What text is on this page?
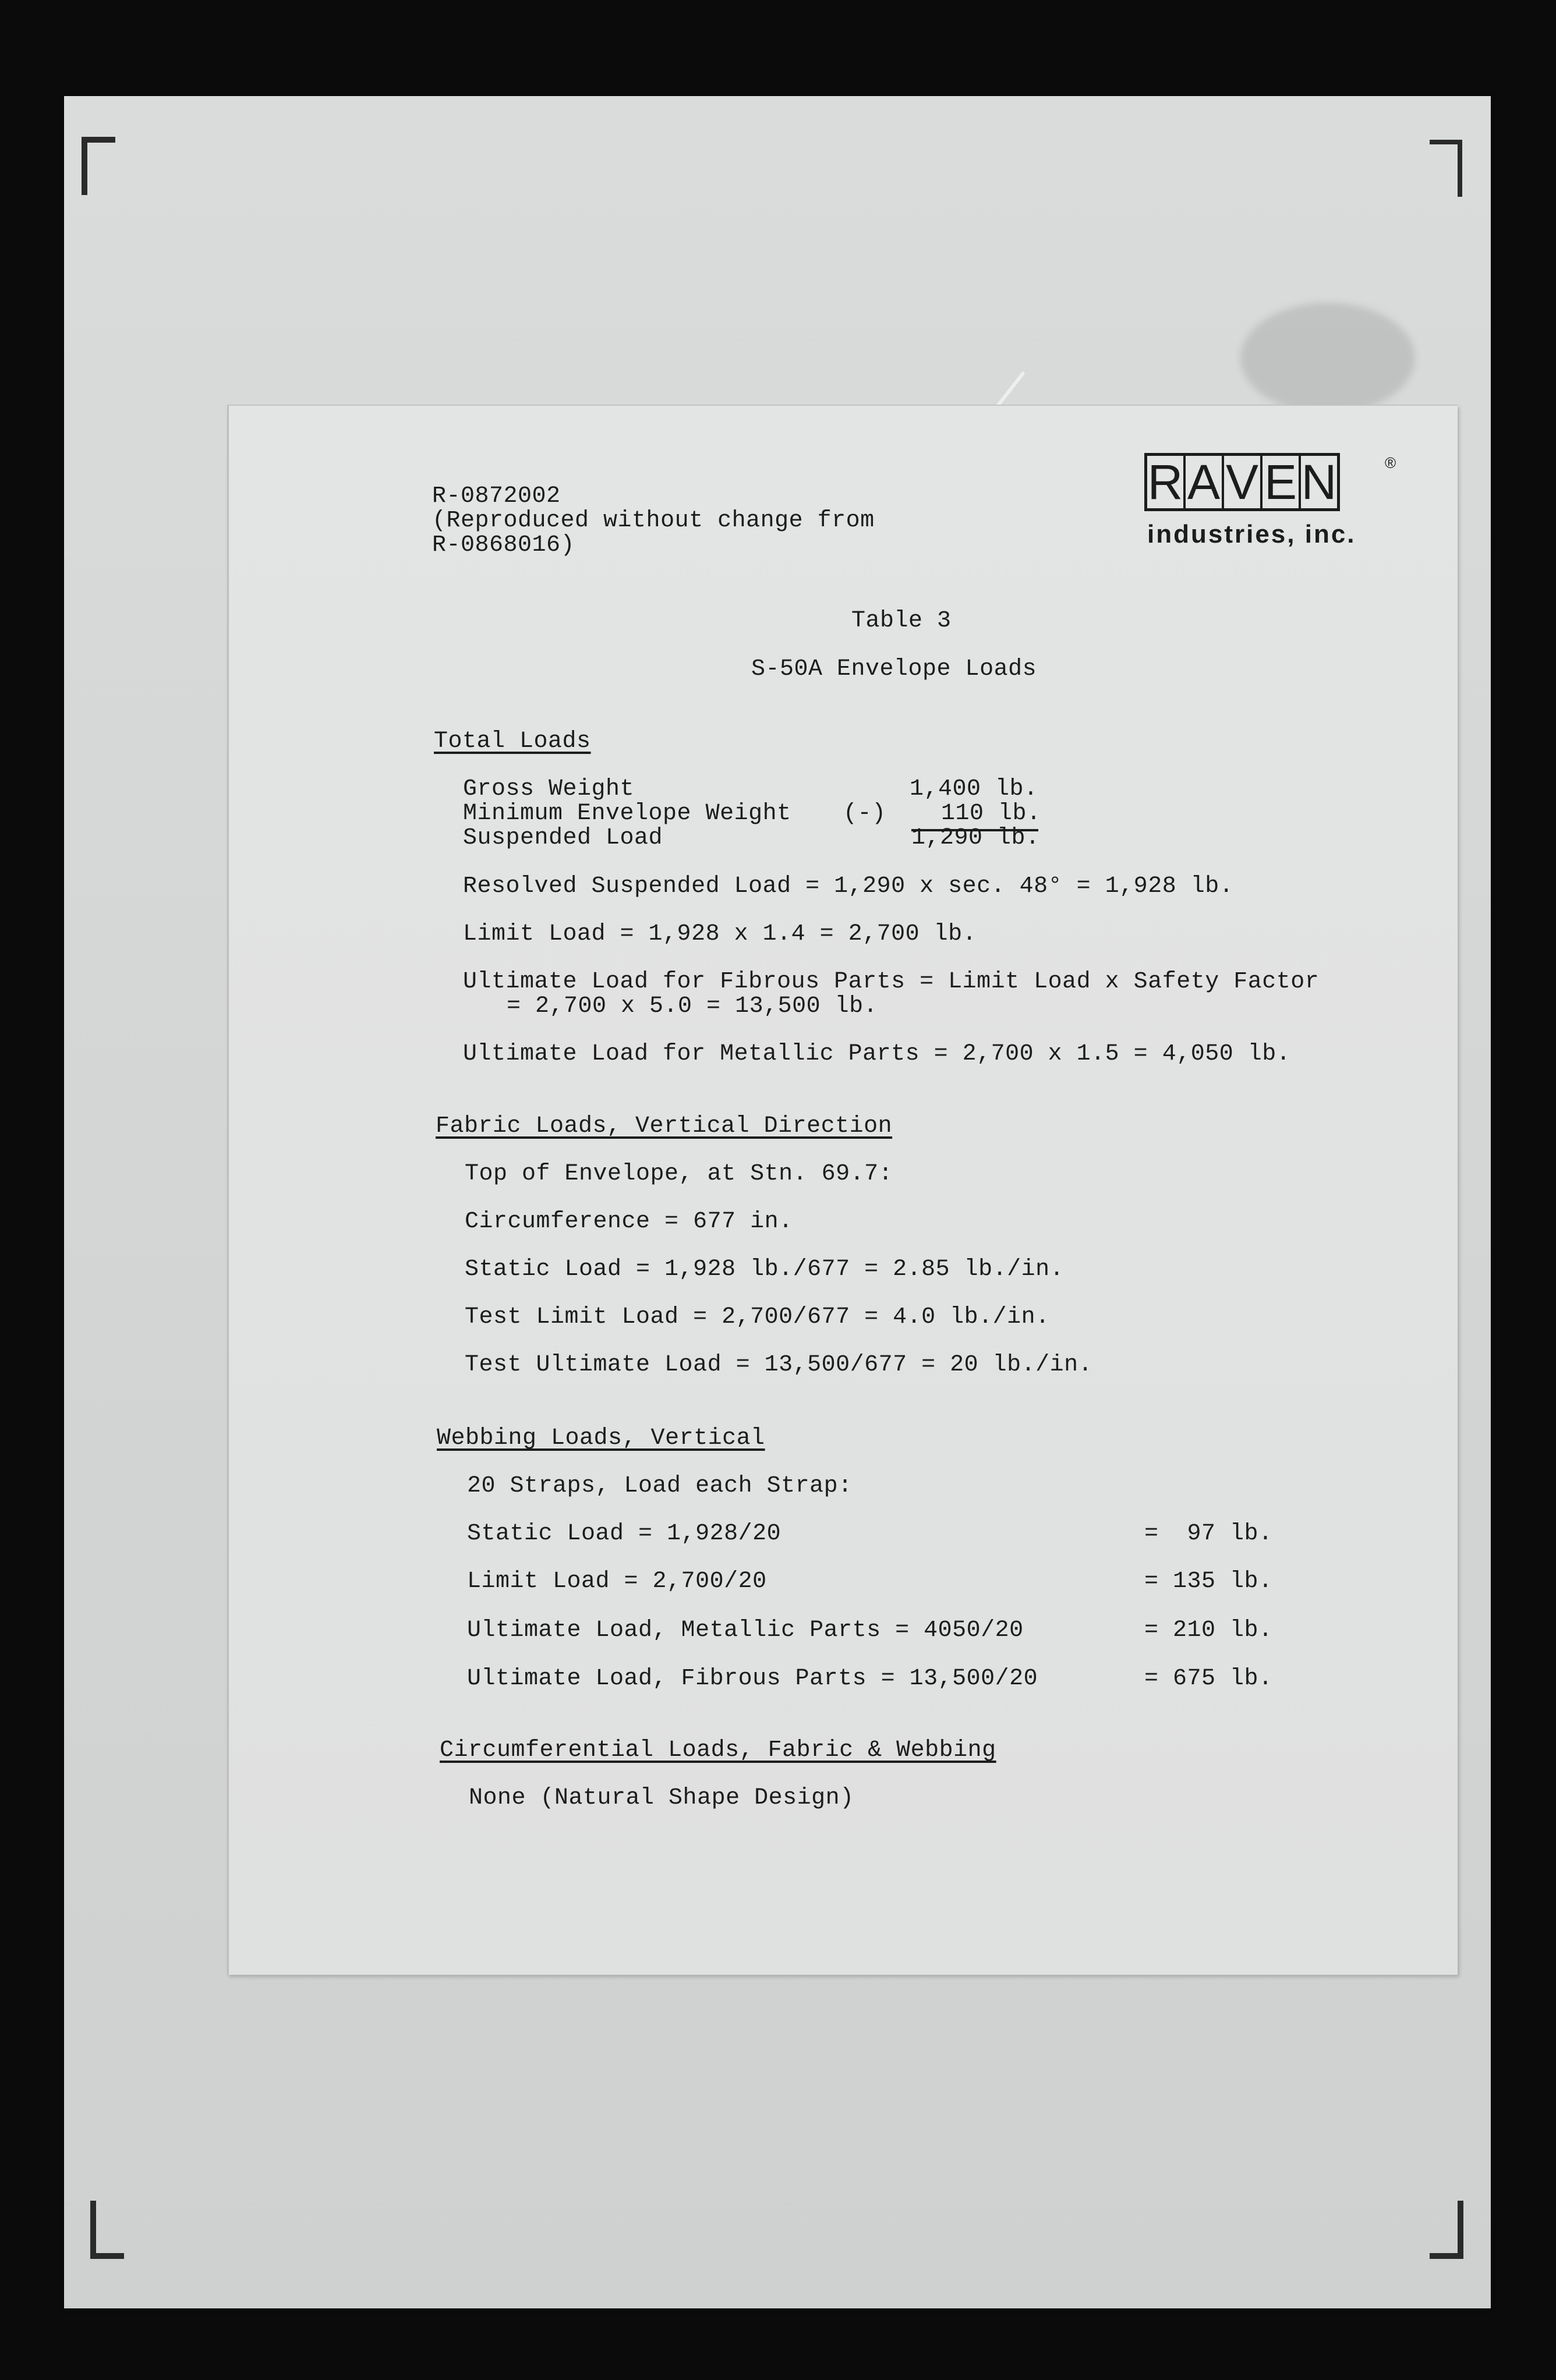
R-0872002
(Reproduced without change from
R-0868016)
R A V E N	®
industries, inc.
Table 3
S-50A Envelope Loads
Total Loads
Gross Weight	1,400 lb.
Minimum Envelope Weight (-) 110 lb.
Suspended Load	1,290 lb.
Resolved Suspended Load = 1,290 x sec. 48° = 1,928 lb.
Limit Load = 1,928 x 1.4 = 2,700 lb.
Ultimate Load for Fibrous Parts = Limit Load x Safety Factor
= 2,700 x 5.0 = 13,500 lb.
Ultimate Load for Metallic Parts = 2,700 x 1.5 = 4,050 lb.
Fabric Loads, Vertical Direction
Top of Envelope, at Stn. 69.7:
Circumference = 677 in.
Static Load = 1,928 lb./677 = 2.85 lb./in.
Test Limit Load = 2,700/677 = 4.0 lb./in.
Test Ultimate Load = 13,500/677 = 20 lb./in.
Webbing Loads, Vertical
20 Straps, Load each Strap:
Static Load = 1,928/20	=  97 lb.
Limit Load = 2,700/20	= 135 lb.
Ultimate Load, Metallic Parts = 4050/20	= 210 lb.
Ultimate Load, Fibrous Parts = 13,500/20	= 675 lb.
Circumferential Loads, Fabric & Webbing
None (Natural Shape Design)
